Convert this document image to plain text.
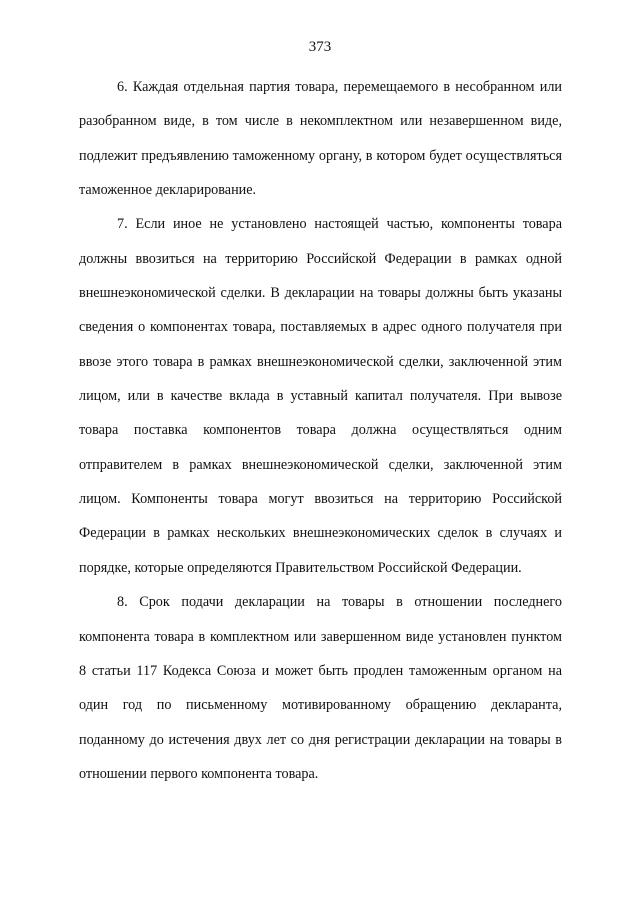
373

6. Каждая отдельная партия товара, перемещаемого в несобранном или разобранном виде, в том числе в некомплектном или незавершенном виде, подлежит предъявлению таможенному органу, в котором будет осуществляться таможенное декларирование.

7. Если иное не установлено настоящей частью, компоненты товара должны ввозиться на территорию Российской Федерации в рамках одной внешнеэкономической сделки. В декларации на товары должны быть указаны сведения о компонентах товара, поставляемых в адрес одного получателя при ввозе этого товара в рамках внешнеэкономической сделки, заключенной этим лицом, или в качестве вклада в уставный капитал получателя. При вывозе товара поставка компонентов товара должна осуществляться одним отправителем в рамках внешнеэкономической сделки, заключенной этим лицом. Компоненты товара могут ввозиться на территорию Российской Федерации в рамках нескольких внешнеэкономических сделок в случаях и порядке, которые определяются Правительством Российской Федерации.

8. Срок подачи декларации на товары в отношении последнего компонента товара в комплектном или завершенном виде установлен пунктом 8 статьи 117 Кодекса Союза и может быть продлен таможенным органом на один год по письменному мотивированному обращению декларанта, поданному до истечения двух лет со дня регистрации декларации на товары в отношении первого компонента товара.
